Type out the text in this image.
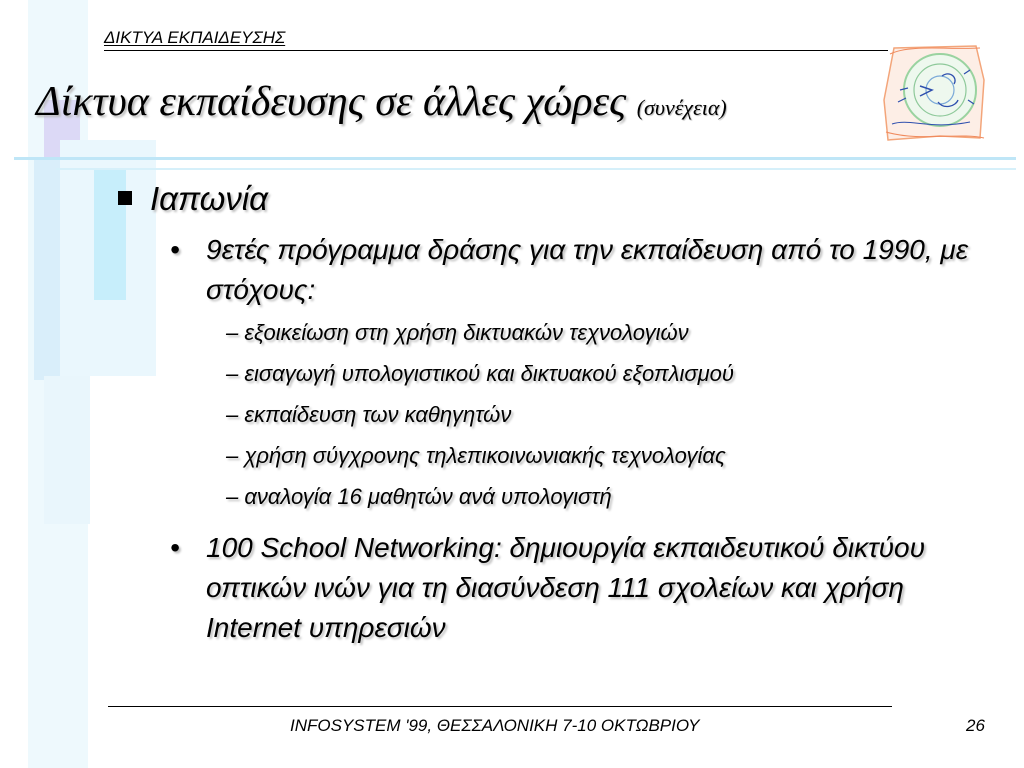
ΔΙΚΤΥΑ ΕΚΠΑΙΔΕΥΣΗΣ
Δίκτυα εκπαίδευσης σε άλλες χώρες (συνέχεια)
Ιαπωνία
• 9ετές πρόγραμμα δράσης για την εκπαίδευση από το 1990, με στόχους:
– εξοικείωση στη χρήση δικτυακών τεχνολογιών
– εισαγωγή υπολογιστικού και δικτυακού εξοπλισμού
– εκπαίδευση των καθηγητών
– χρήση σύγχρονης τηλεπικοινωνιακής τεχνολογίας
– αναλογία 16 μαθητών ανά υπολογιστή
• 100 School Networking: δημιουργία εκπαιδευτικού δικτύου οπτικών ινών για τη διασύνδεση 111 σχολείων και χρήση Internet υπηρεσιών
INFOSYSTEM '99, ΘΕΣΣΑΛΟΝΙΚΗ 7-10 ΟΚΤΩΒΡΙΟΥ	26
